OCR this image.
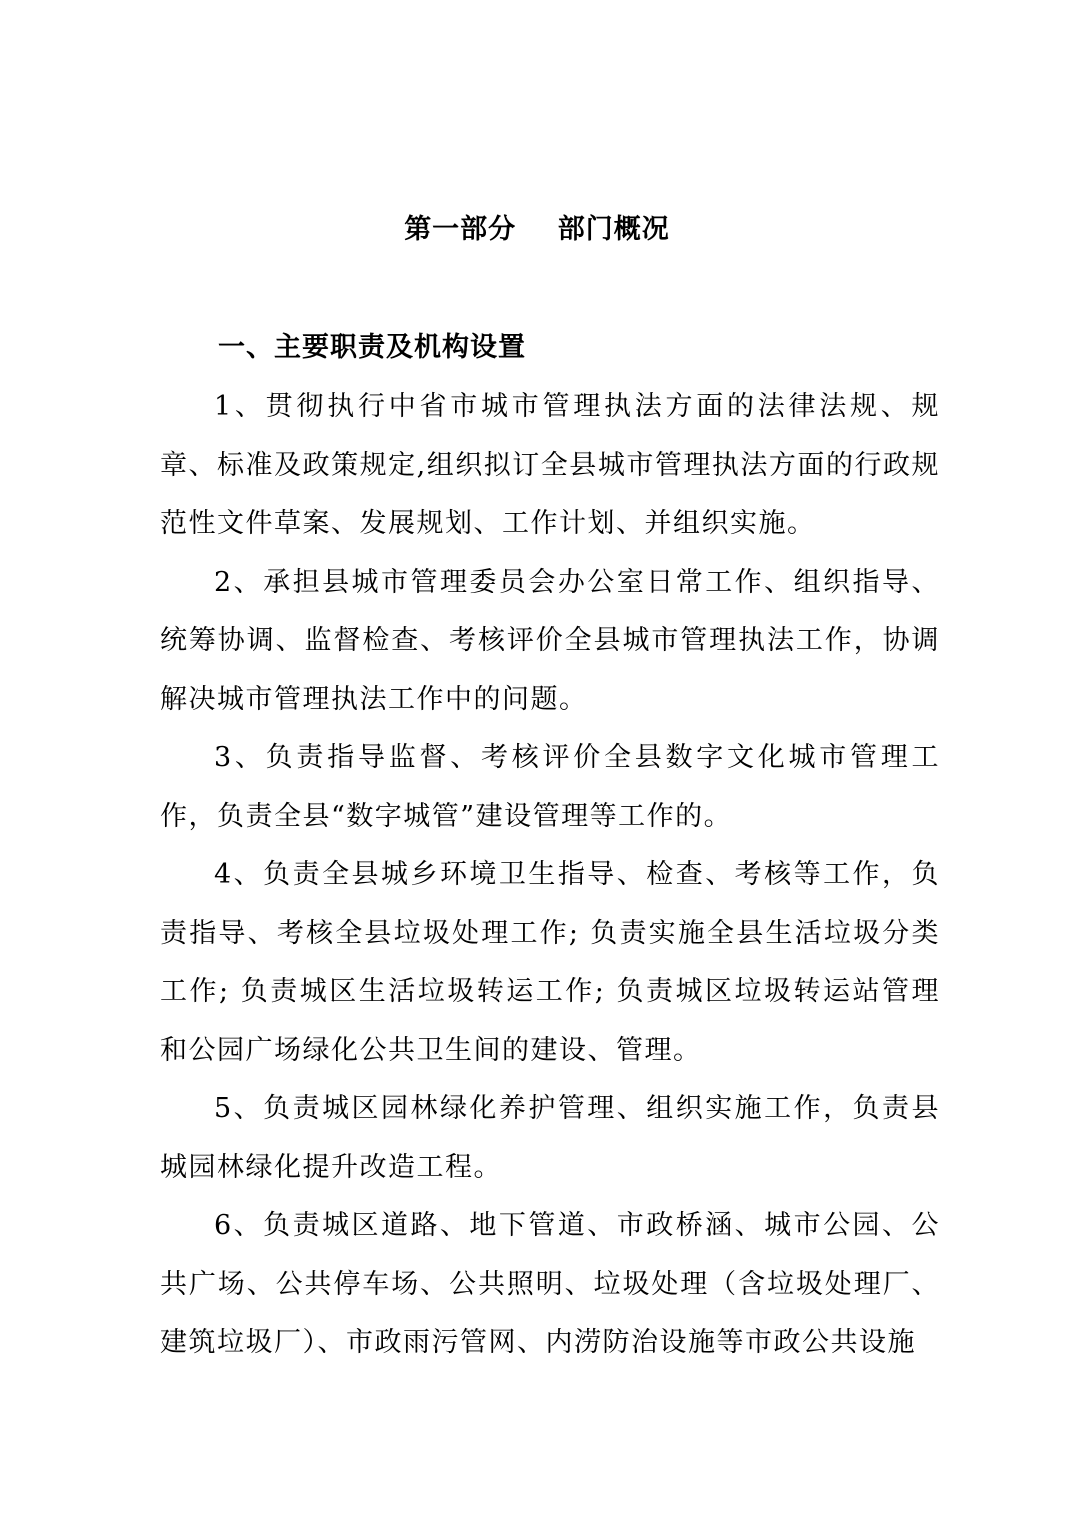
第一部分    部门概况
一、主要职责及机构设置

1、贯彻执行中省市城市管理执法方面的法律法规、规章、标准及政策规定,组织拟订全县城市管理执法方面的行政规范性文件草案、发展规划、工作计划、并组织实施。

2、承担县城市管理委员会办公室日常工作、组织指导、统筹协调、监督检查、考核评价全县城市管理执法工作，协调解决城市管理执法工作中的问题。

3、负责指导监督、考核评价全县数字文化城市管理工作，负责全县“数字城管”建设管理等工作的。

4、负责全县城乡环境卫生指导、检查、考核等工作，负责指导、考核全县垃圾处理工作; 负责实施全县生活垃圾分类工作; 负责城区生活垃圾转运工作; 负责城区垃圾转运站管理和公园广场绿化公共卫生间的建设、管理。

5、负责城区园林绿化养护管理、组织实施工作，负责县城园林绿化提升改造工程。

6、负责城区道路、地下管道、市政桥涵、城市公园、公共广场、公共停车场、公共照明、垃圾处理（含垃圾处理厂、建筑垃圾厂）、市政雨污管网、内涝防治设施等市政公共设施
